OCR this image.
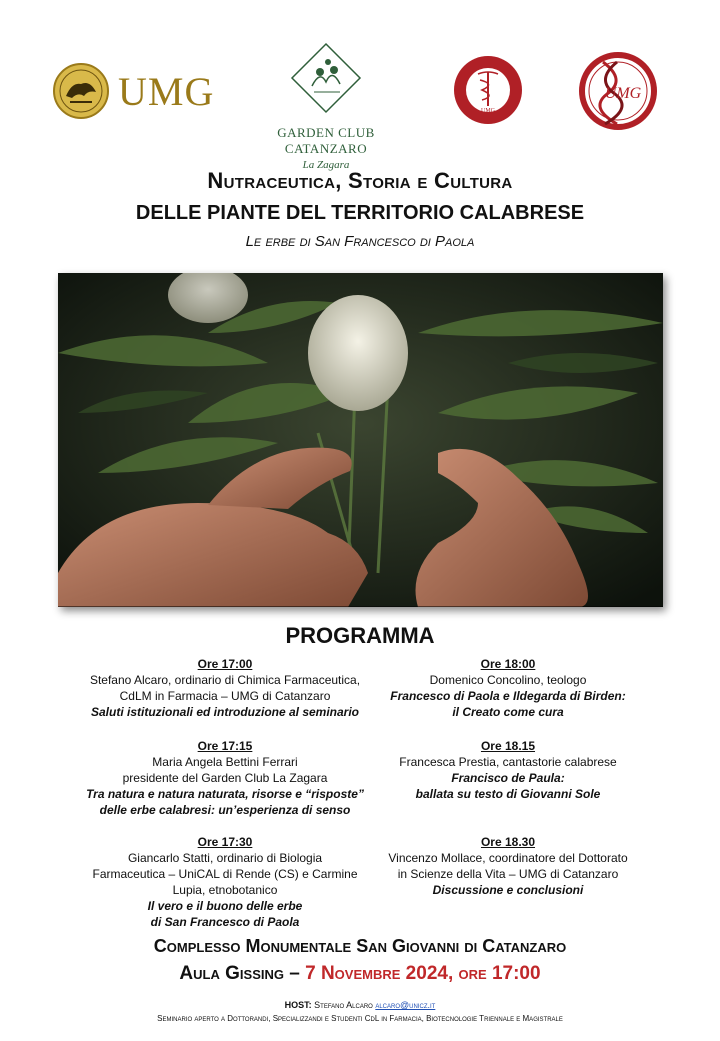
UMG
GARDEN CLUB CATANZARO
La Zagara
UMG
UMG
Nutraceutica, Storia e Cultura
DELLE PIANTE DEL TERRITORIO CALABRESE
Le erbe di San Francesco di Paola
PROGRAMMA
Ore 17:00
Stefano Alcaro, ordinario di Chimica Farmaceutica,
CdLM in Farmacia – UMG di Catanzaro
Saluti istituzionali ed introduzione al seminario
Ore 17:15
Maria Angela Bettini Ferrari
presidente del Garden Club La Zagara
Tra natura e natura naturata, risorse e “risposte”
delle erbe calabresi: un’esperienza di senso
Ore 17:30
Giancarlo Statti, ordinario di Biologia
Farmaceutica – UniCAL di Rende (CS) e Carmine
Lupia, etnobotanico
Il vero e il buono delle erbe
di San Francesco di Paola
Ore 18:00
Domenico Concolino, teologo
Francesco di Paola e Ildegarda di Birden:
il Creato come cura
Ore 18.15
Francesca Prestia, cantastorie calabrese
Francisco de Paula:
ballata su testo di Giovanni Sole
Ore 18.30
Vincenzo Mollace, coordinatore del Dottorato
in Scienze della Vita – UMG di Catanzaro
Discussione e conclusioni
Complesso Monumentale San Giovanni di Catanzaro
Aula Gissing – 7 Novembre 2024, ore 17:00
HOST: Stefano Alcaro alcaro@unicz.it
Seminario aperto a Dottorandi, Specializzandi e Studenti CdL in Farmacia, Biotecnologie Triennale e Magistrale
